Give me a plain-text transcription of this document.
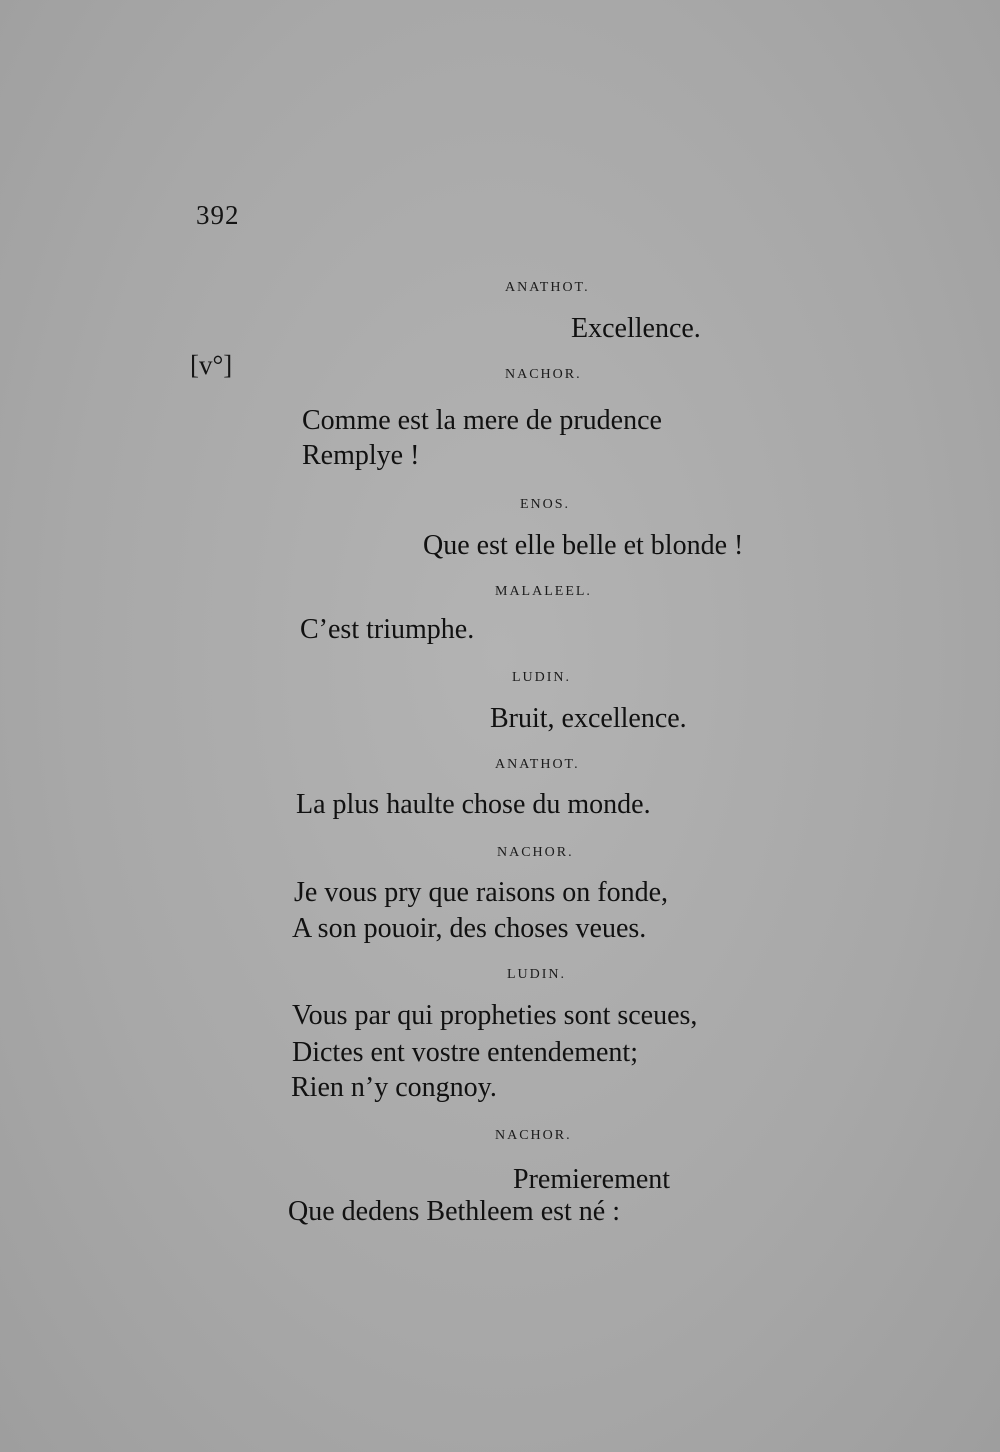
392
[v°]
ANATHOT.
Excellence.
NACHOR.
Comme est la mere de prudence
Remplye !
ENOS.
Que est elle belle et blonde !
MALALEEL.
C’est triumphe.
LUDIN.
Bruit, excellence.
ANATHOT.
La plus haulte chose du monde.
NACHOR.
Je vous pry que raisons on fonde,
A son pouoir, des choses veues.
LUDIN.
Vous par qui propheties sont sceues,
Dictes ent vostre entendement;
Rien n’y congnoy.
NACHOR.
Premierement
Que dedens Bethleem est né :
